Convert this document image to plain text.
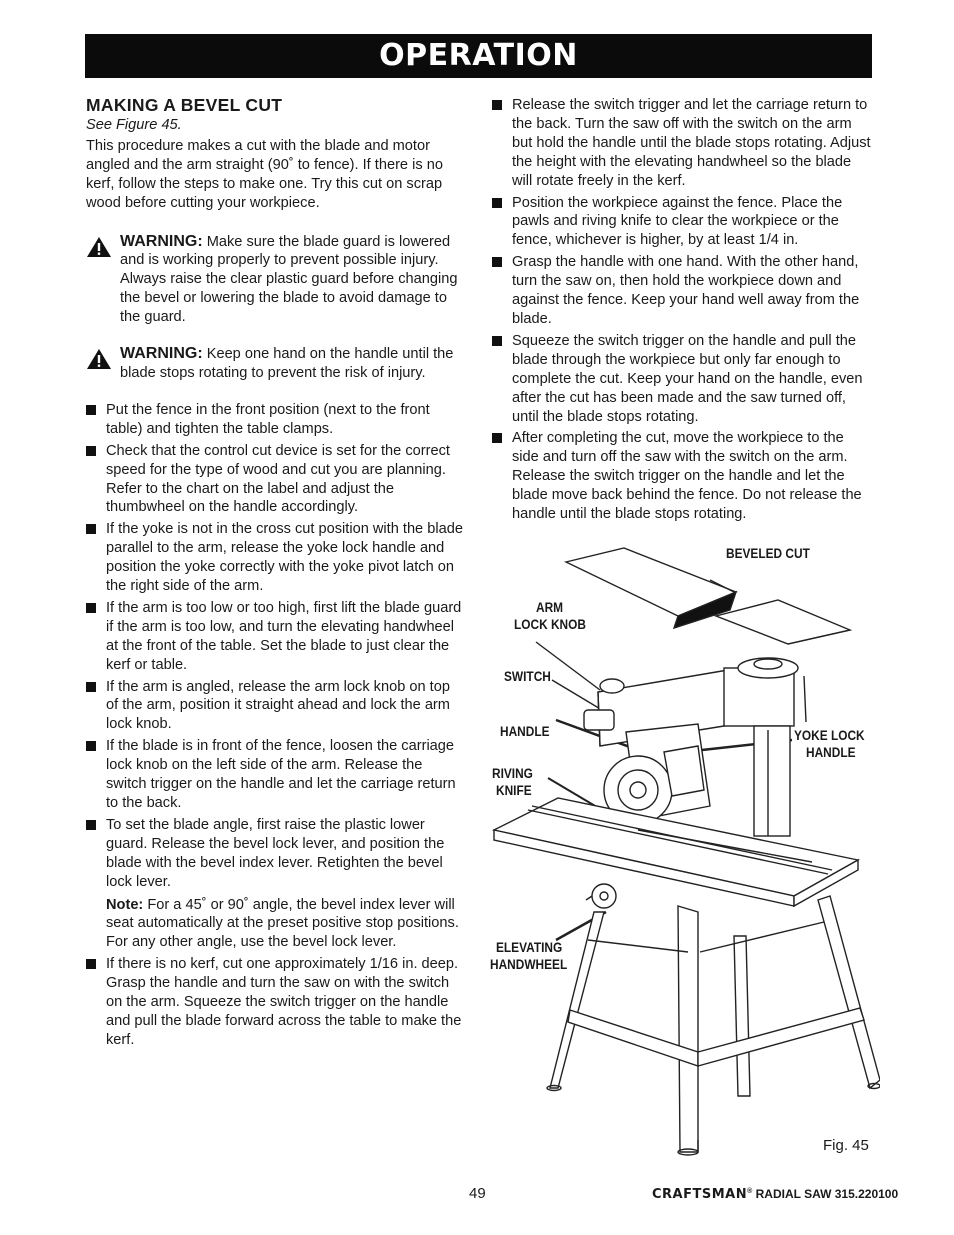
OPERATION
MAKING A BEVEL CUT

See Figure 45.

This procedure makes a cut with the blade and motor angled and the arm straight (90˚ to fence). If there is no kerf, follow the steps to make one. Try this cut on scrap wood before cutting your workpiece.

WARNING: Make sure the blade guard is lowered and is working properly to prevent possible injury. Always raise the clear plastic guard before changing the bevel or lowering the blade to avoid damage to the guard.

WARNING: Keep one hand on the handle until the blade stops rotating to prevent the risk of injury.

Put the fence in the front position (next to the front table) and tighten the table clamps.
Check that the control cut device is set for the correct speed for the type of wood and cut you are planning. Refer to the chart on the label and adjust the thumbwheel on the handle accordingly.
If the yoke is not in the cross cut position with the blade parallel to the arm, release the yoke lock handle and position the yoke correctly with the yoke pivot latch on the right side of the arm.
If the arm is too low or too high, first lift the blade guard if the arm is too low, and turn the elevating handwheel at the front of the table. Set the blade to just clear the kerf or table.
If the arm is angled, release the arm lock knob on top of the arm, position it straight ahead and lock the arm lock knob.
If the blade is in front of the fence, loosen the carriage lock knob on the left side of the arm. Release the switch trigger on the handle and let the carriage return to the back.
To set the blade angle, first raise the plastic lower guard. Release the bevel lock lever, and position the blade with the bevel index lever. Retighten the bevel lock lever.

Note: For a 45˚ or 90˚ angle, the bevel index lever will seat automatically at the preset positive stop positions. For any other angle, use the bevel lock lever.

If there is no kerf, cut one approximately 1/16 in. deep. Grasp the handle and turn the saw on with the switch on the arm. Squeeze the switch trigger on the handle and pull the blade forward across the table to make the kerf.
Release the switch trigger and let the carriage return to the back. Turn the saw off with the switch on the arm but hold the handle until the blade stops rotating. Adjust the height with the elevating handwheel so the blade will rotate freely in the kerf.
Position the workpiece against the fence. Place the pawls and riving knife to clear the workpiece or the fence, whichever is higher, by at least 1/4 in.
Grasp the handle with one hand. With the other hand, turn the saw on, then hold the workpiece down and against the fence. Keep your hand well away from the blade.
Squeeze the switch trigger on the handle and pull the blade through the workpiece but only far enough to complete the cut. Keep your hand on the handle, even after the cut has been made and the saw turned off, until the blade stops rotating.
After completing the cut, move the workpiece to the side and turn off the saw with the switch on the arm. Release the switch trigger on the handle and let the blade move back behind the fence. Do not release the handle until the blade stops rotating.
BEVELED CUT
ARM
LOCK KNOB
SWITCH
HANDLE	YOKE LOCK
HANDLE
RIVING
KNIFE
ELEVATING
HANDWHEEL
Fig. 45
49	CRAFTSMAN® RADIAL SAW 315.220100
